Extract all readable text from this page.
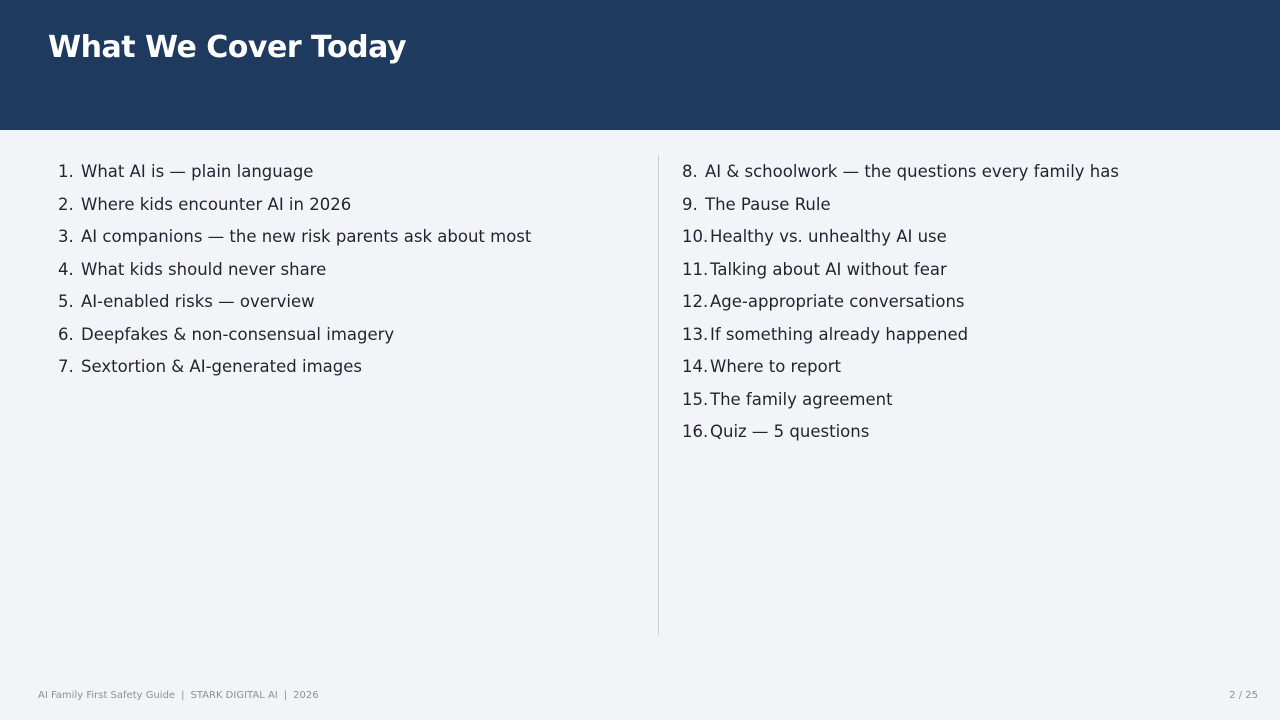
What We Cover Today
1. What AI is — plain language
2. Where kids encounter AI in 2026
3. AI companions — the new risk parents ask about most
4. What kids should never share
5. AI-enabled risks — overview
6. Deepfakes & non-consensual imagery
7. Sextortion & AI-generated images
8. AI & schoolwork — the questions every family has
9. The Pause Rule
10. Healthy vs. unhealthy AI use
11. Talking about AI without fear
12. Age-appropriate conversations
13. If something already happened
14. Where to report
15. The family agreement
16. Quiz — 5 questions
AI Family First Safety Guide | STARK DIGITAL AI | 2026	2 / 25
